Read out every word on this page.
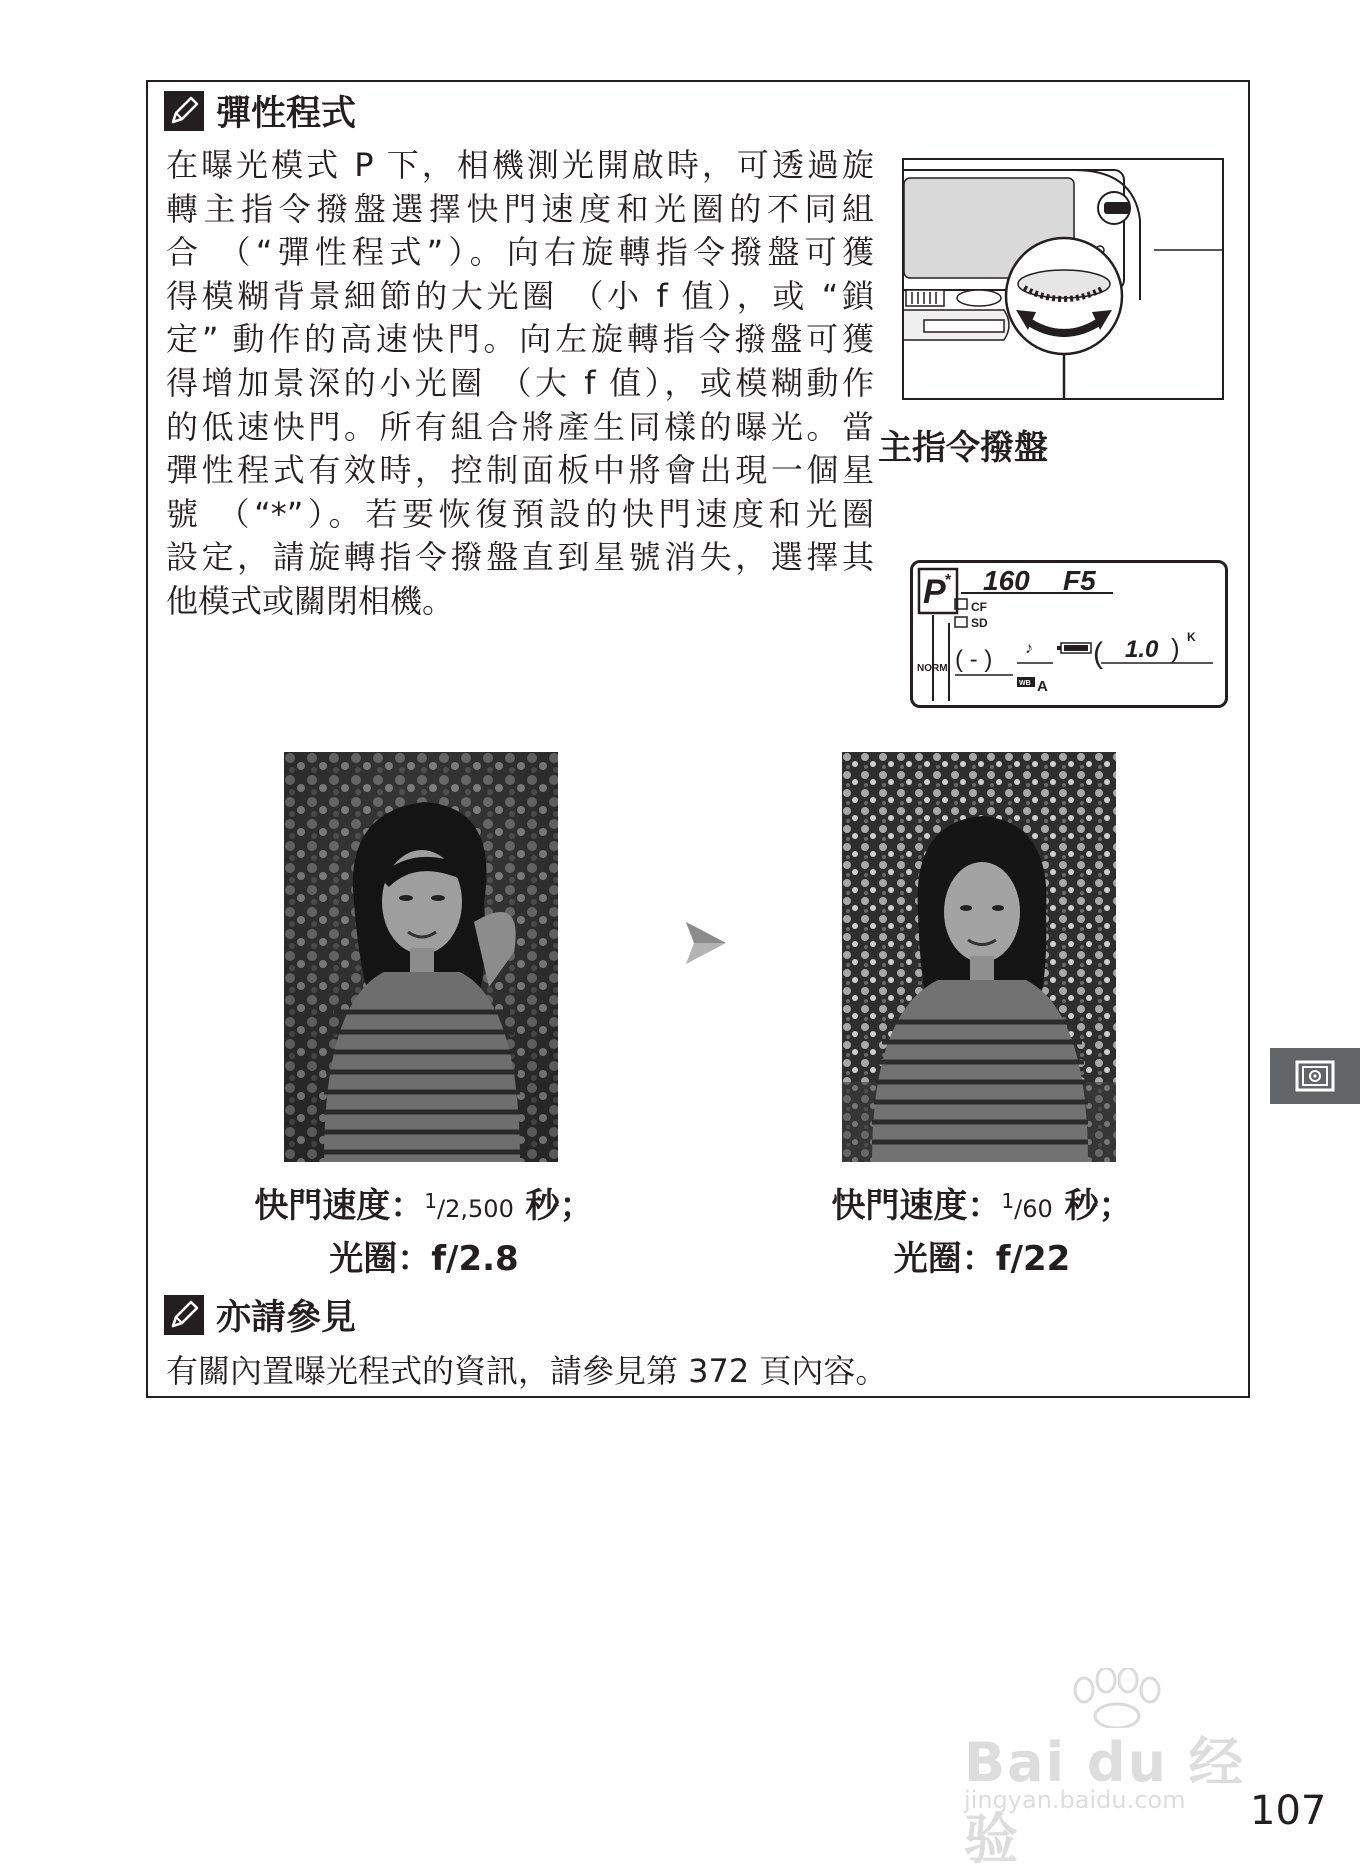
彈性程式
在曝光模式 P 下，相機測光開啟時，可透過旋
轉主指令撥盤選擇快門速度和光圈的不同組
合 （“彈性程式”）。向右旋轉指令撥盤可獲
得模糊背景細節的大光圈 （小 f 值），或 “鎖
定” 動作的高速快門。向左旋轉指令撥盤可獲
得增加景深的小光圈 （大 f 值），或模糊動作
的低速快門。所有組合將產生同樣的曝光。當
彈性程式有效時，控制面板中將會出現一個星
號 （“*”）。若要恢復預設的快門速度和光圈
設定，請旋轉指令撥盤直到星號消失，選擇其
他模式或關閉相機。
主指令撥盤
P * 160 F5
CF
SD
NORM ( - ) ♪
WB A
( 1.0 ) K
快門速度：$^1$/2,500 秒；
光圈：f/2.8
快門速度：$^1$/60 秒；
光圈：f/22
亦請參見
有關內置曝光程式的資訊，請參見第 372 頁內容。
Bai du 经验
jingyan.baidu.com 107
